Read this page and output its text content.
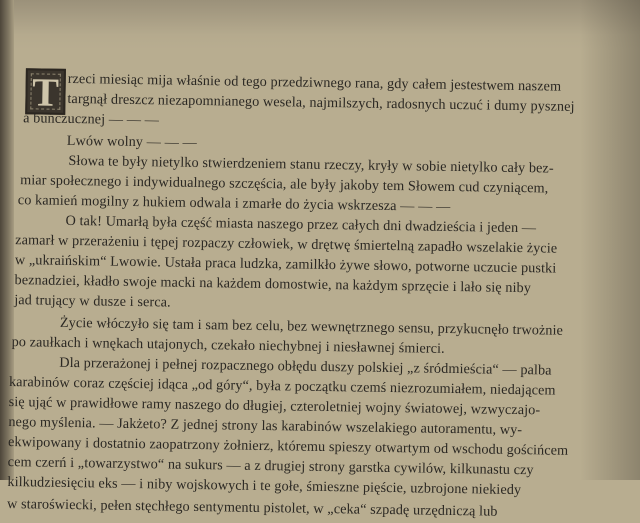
T rzeci miesiąc mija właśnie od tego przedziwnego rana, gdy całem jestestwem naszem
targnął dreszcz niezapomnianego wesela, najmilszych, radosnych uczuć i dumy pysznej
a buńczucznej — — —
Lwów wolny — — —
Słowa te były nietylko stwierdzeniem stanu rzeczy, kryły w sobie nietylko cały bez-
miar społecznego i indywidualnego szczęścia, ale były jakoby tem Słowem cud czyniącem,
co kamień mogilny z hukiem odwala i zmarłe do życia wskrzesza — — —
O tak! Umarłą była część miasta naszego przez całych dni dwadzieścia i jeden —
zamarł w przerażeniu i tępej rozpaczy człowiek, w drętwę śmiertelną zapadło wszelakie życie
w „ukraińskim“ Lwowie. Ustała praca ludzka, zamilkło żywe słowo, potworne uczucie pustki
beznadziei, kładło swoje macki na każdem domostwie, na każdym sprzęcie i lało się niby
jad trujący w dusze i serca.
Życie włóczyło się tam i sam bez celu, bez wewnętrznego sensu, przykucnęło trwożnie
po zaułkach i wnękach utajonych, czekało niechybnej i niesławnej śmierci.
Dla przerażonej i pełnej rozpacznego obłędu duszy polskiej „z śródmieścia“ — palba
karabinów coraz częściej idąca „od góry“, była z początku czemś niezrozumiałem, niedającem
się ująć w prawidłowe ramy naszego do długiej, czteroletniej wojny światowej, wzwyczajo-
nego myślenia. — Jakżeto? Z jednej strony las karabinów wszelakiego autoramentu, wy-
ekwipowany i dostatnio zaopatrzony żołnierz, któremu spieszy otwartym od wschodu gościńcem
cem czerń i „towarzystwo“ na sukurs — a z drugiej strony garstka cywilów, kilkunastu czy
kilkudziesięciu eks — i niby wojskowych i te gołe, śmieszne pięście, uzbrojone niekiedy
w staroświecki, pełen stęchłego sentymentu pistolet, w „ceka“ szpadę urzędniczą lub
